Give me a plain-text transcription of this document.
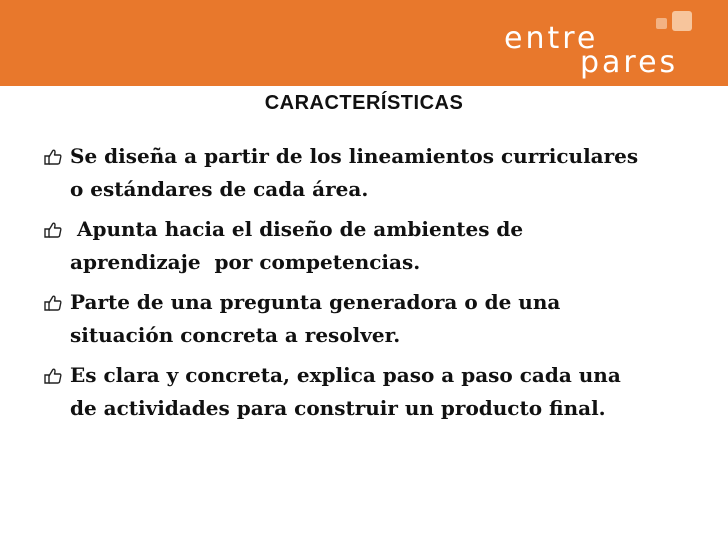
entre
pares
CARACTERÍSTICAS
Se diseña a partir de los lineamientos curriculares o estándares de cada área.
Apunta hacia el diseño de ambientes de aprendizaje  por competencias.
Parte de una pregunta generadora o de una situación concreta a resolver.
Es clara y concreta, explica paso a paso cada una de actividades para construir un producto final.
